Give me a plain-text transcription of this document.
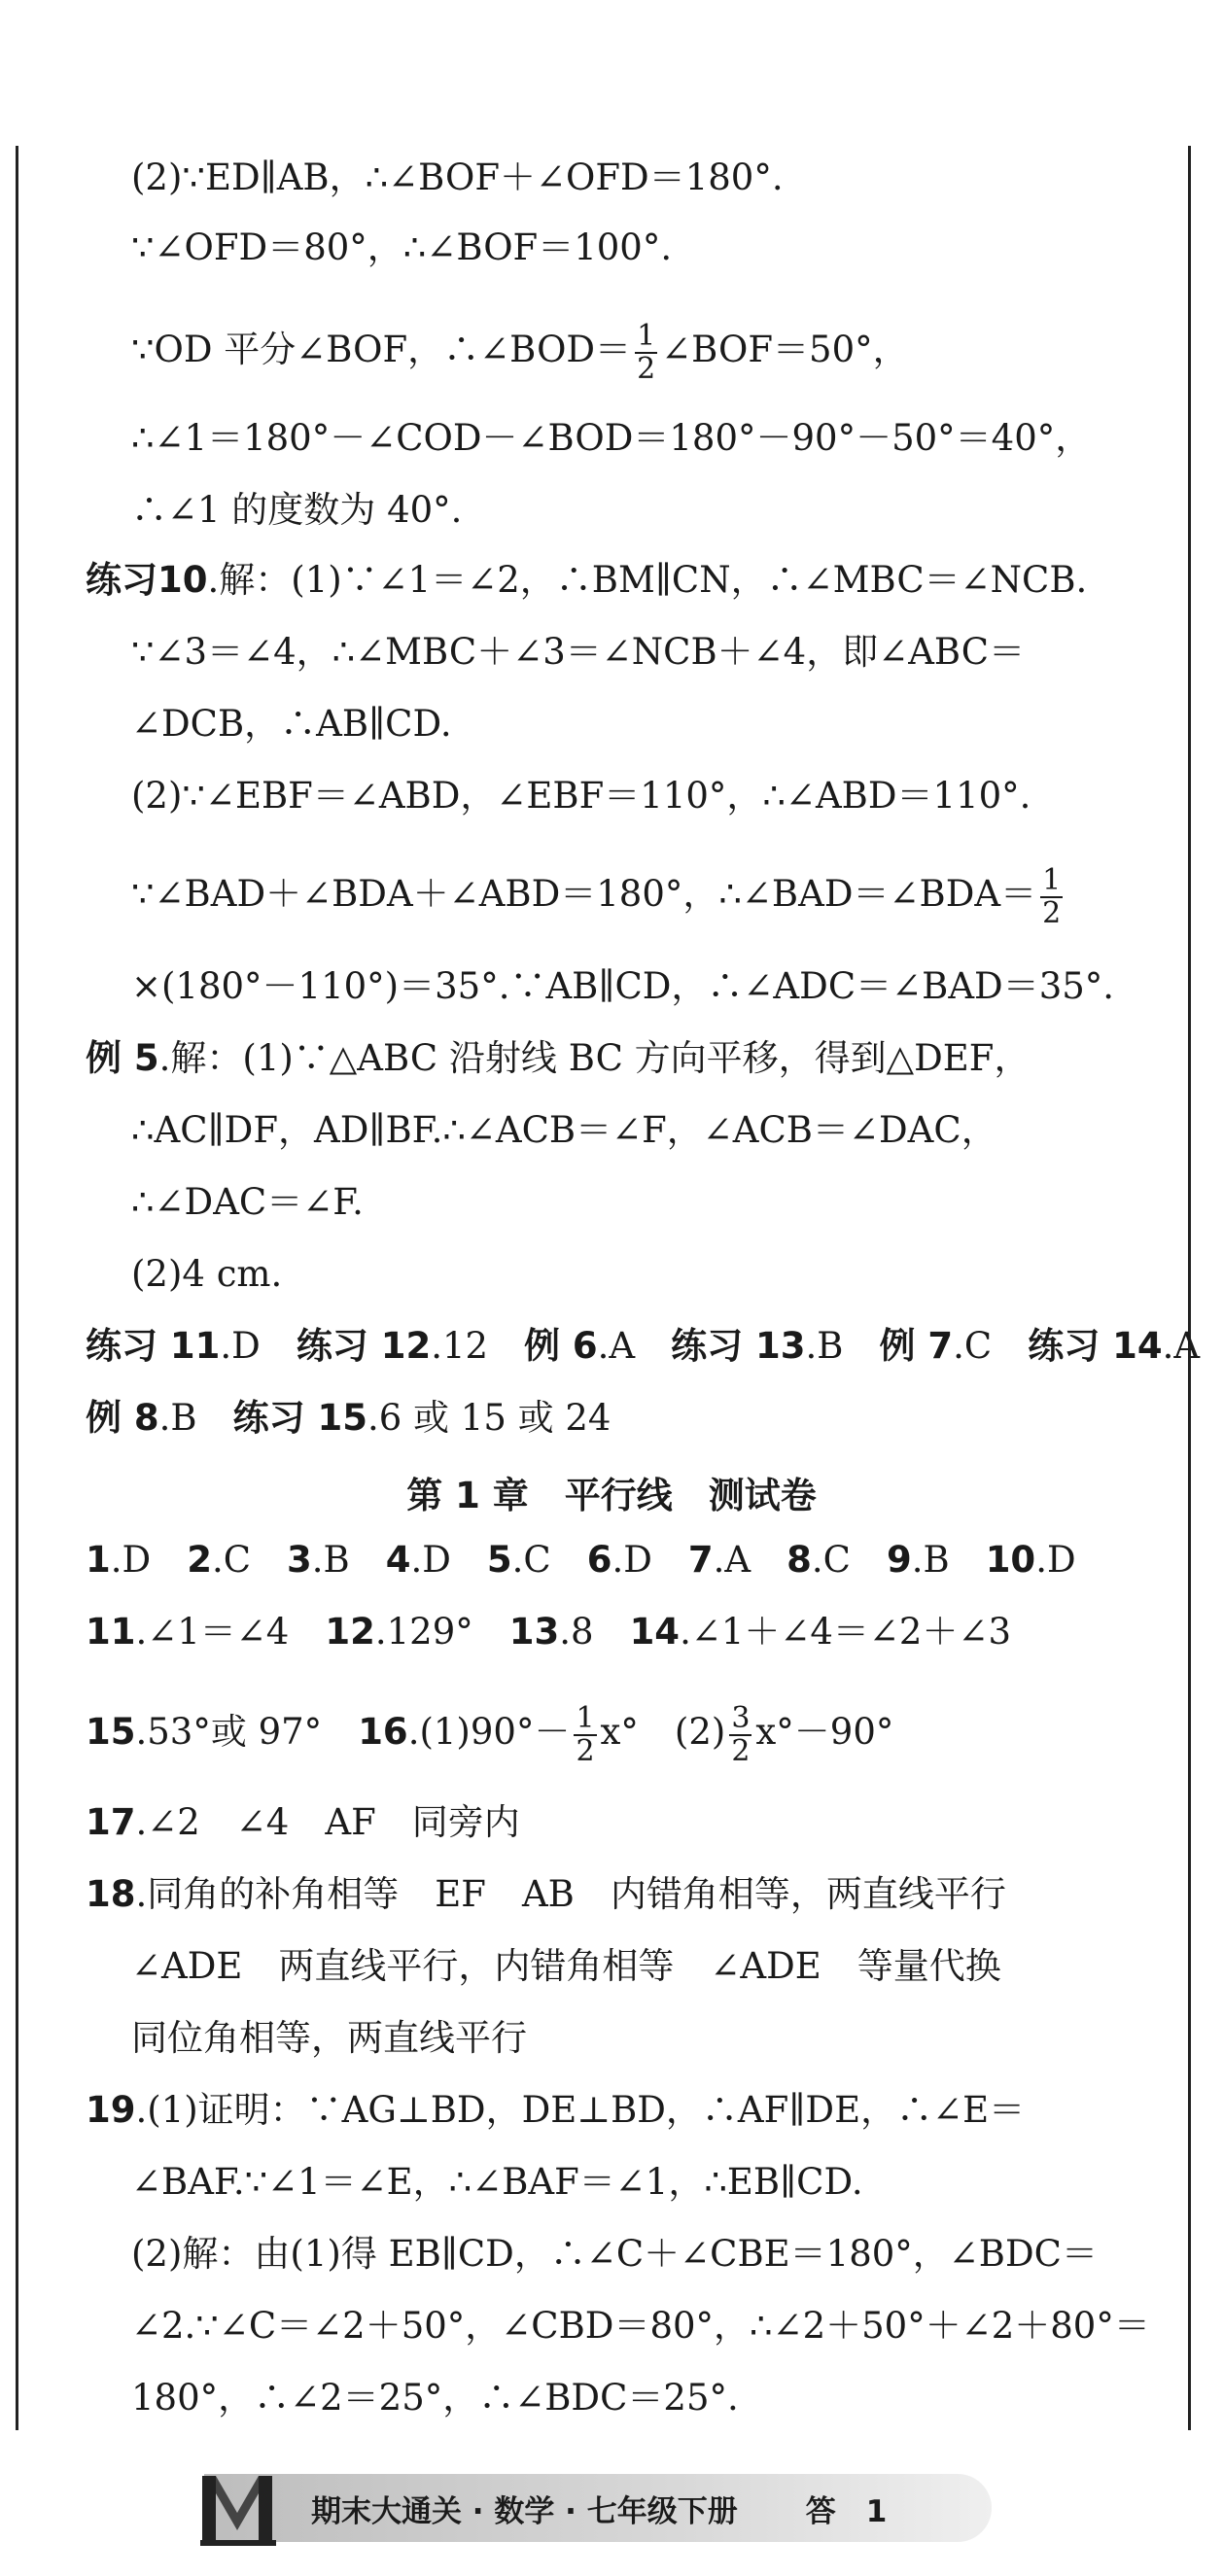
(2)∵ED∥AB，∴∠BOF＋∠OFD＝180°.
∵∠OFD＝80°，∴∠BOF＝100°.
∵OD 平分∠BOF，∴∠BOD＝ $\frac{1}{2}$ ∠BOF＝50°，
∴∠1＝180°－∠COD－∠BOD＝180°－90°－50°＝40°，
∴∠1 的度数为 40°.
练习10.解：(1)∵∠1＝∠2，∴BM∥CN，∴∠MBC＝∠NCB.
∵∠3＝∠4，∴∠MBC＋∠3＝∠NCB＋∠4，即∠ABC＝
∠DCB，∴AB∥CD.
(2)∵∠EBF＝∠ABD，∠EBF＝110°，∴∠ABD＝110°.
∵∠BAD＋∠BDA＋∠ABD＝180°，∴∠BAD＝∠BDA＝ $\frac{1}{2}$
×(180°－110°)＝35°.∵AB∥CD，∴∠ADC＝∠BAD＝35°.
例 5.解：(1)∵△ABC 沿射线 BC 方向平移，得到△DEF，
∴AC∥DF，AD∥BF.∴∠ACB＝∠F，∠ACB＝∠DAC，
∴∠DAC＝∠F.
(2)4 cm.
练习 11.D　练习 12.12　例 6.A　练习 13.B　例 7.C　练习 14.A
例 8.B　练习 15.6 或 15 或 24
1.D　2.C　3.B　4.D　5.C　6.D　7.A　8.C　9.B　10.D
11.∠1＝∠4　12.129°　13.8　14.∠1＋∠4＝∠2＋∠3
15.53°或 97°　$16.(1)90^\circ- \frac{1}{2} x^\circ$　$(2) \frac{3}{2} x^\circ-90^\circ$
17.∠2　∠4　AF　同旁内
18.同角的补角相等　EF　AB　内错角相等，两直线平行
∠ADE　两直线平行，内错角相等　∠ADE　等量代换
同位角相等，两直线平行
19.(1)证明：∵AG⊥BD，DE⊥BD，∴AF∥DE，∴∠E＝
∠BAF.∵∠1＝∠E，∴∠BAF＝∠1，∴EB∥CD.
(2)解：由(1)得 EB∥CD，∴∠C＋∠CBE＝180°，∠BDC＝
∠2.∵∠C＝∠2＋50°，∠CBD＝80°，∴∠2＋50°＋∠2＋80°＝
180°，∴∠2＝25°，∴∠BDC＝25°.
第 1 章　平行线　测试卷
期末大通关 · 数学 · 七年级下册 答　1
